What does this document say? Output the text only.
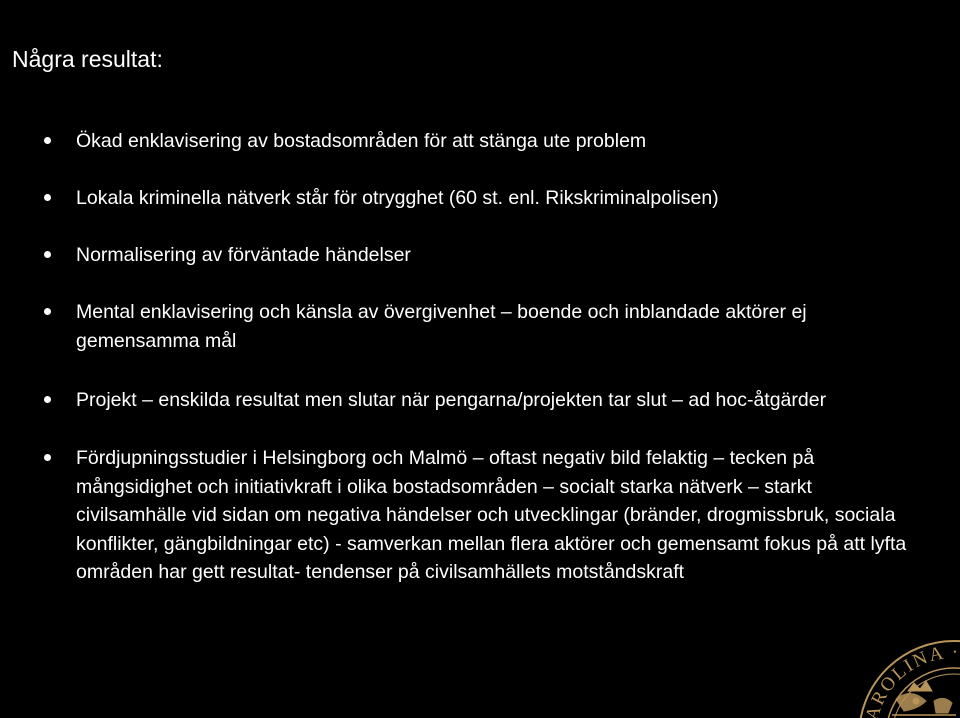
Några resultat:
Ökad enklavisering av bostadsområden för att stänga ute problem
Lokala kriminella nätverk står för otrygghet (60 st. enl. Rikskriminalpolisen)
Normalisering av förväntade händelser
Mental enklavisering och känsla av övergivenhet – boende och inblandade aktörer ej gemensamma mål
Projekt – enskilda resultat men slutar när pengarna/projekten tar slut – ad hoc-åtgärder
Fördjupningsstudier i Helsingborg och Malmö – oftast negativ bild felaktig – tecken på mångsidighet och initiativkraft i olika bostadsområden – socialt starka nätverk – starkt civilsamhälle vid sidan om negativa händelser och utvecklingar (bränder, drogmissbruk, sociala konflikter, gängbildningar etc) - samverkan mellan flera aktörer och gemensamt fokus på att lyfta områden har gett resultat- tendenser på civilsamhällets motståndskraft
AROLINA ·
